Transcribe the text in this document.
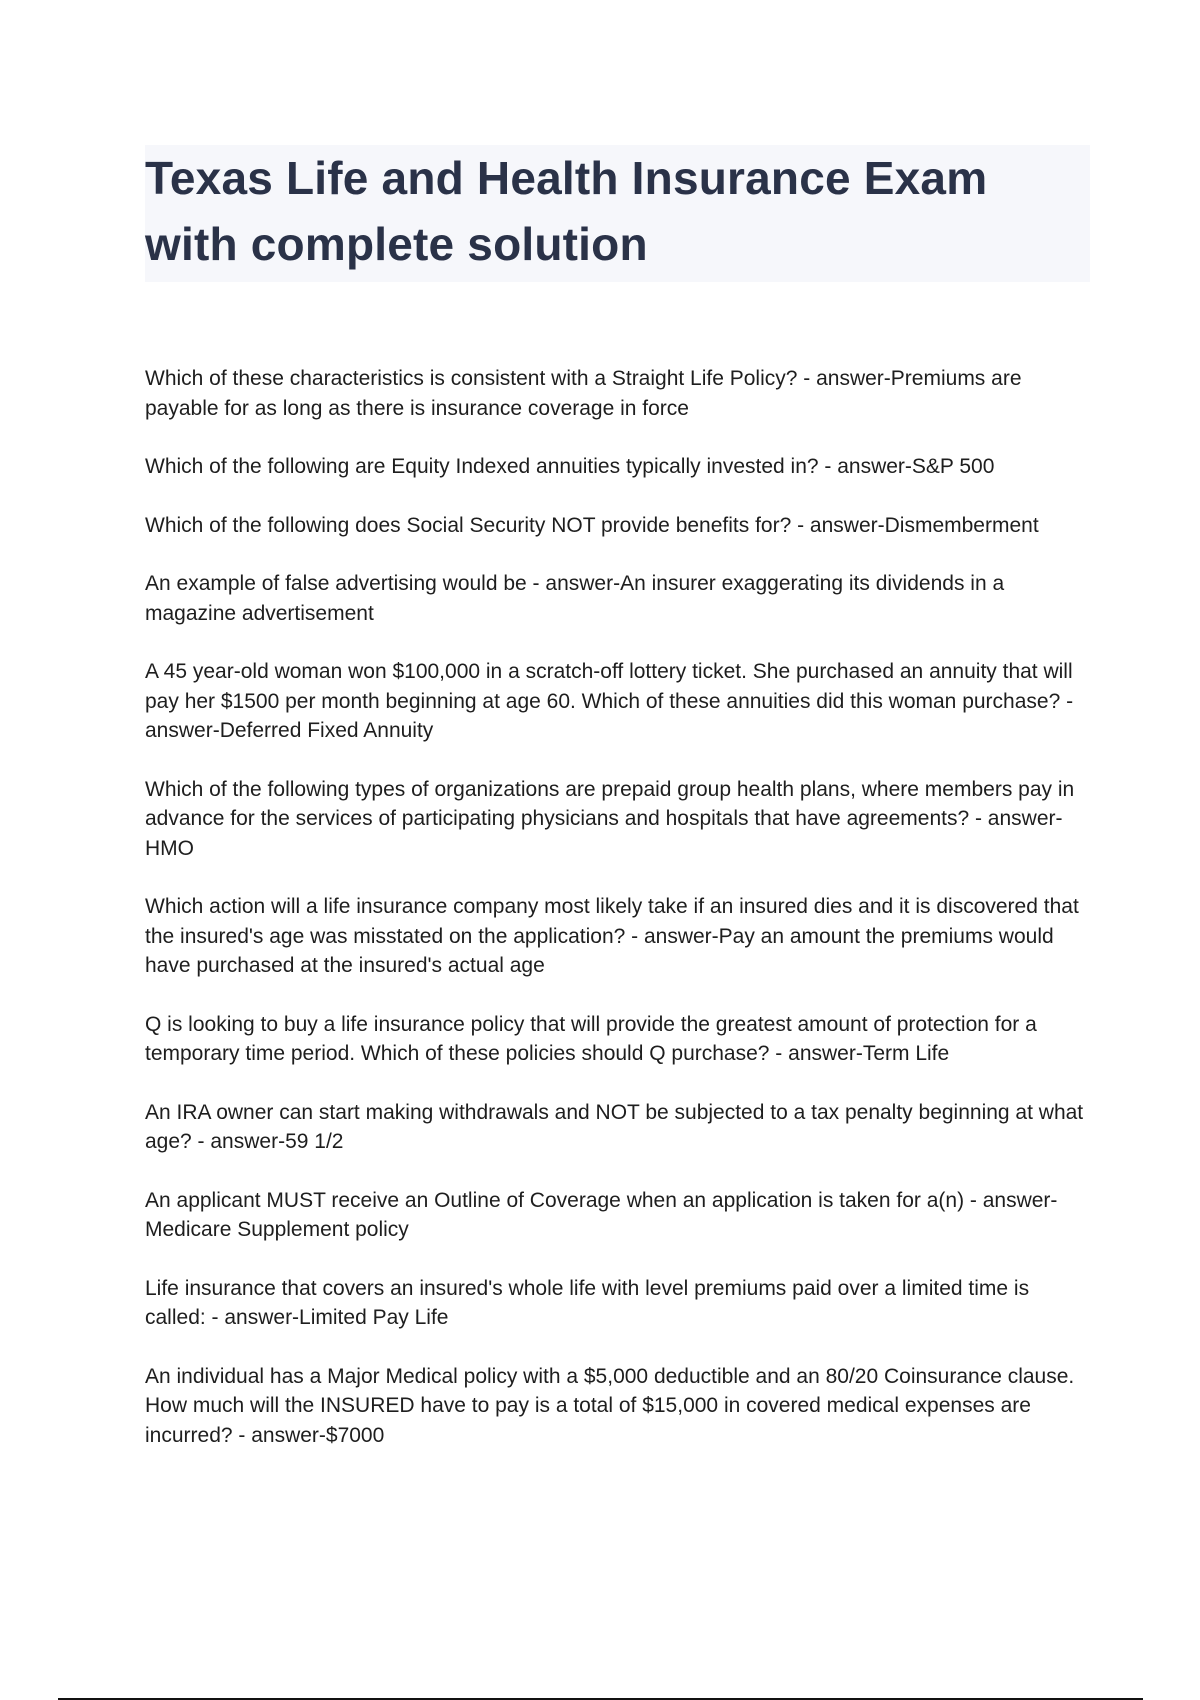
Texas Life and Health Insurance Exam
with complete solution
Which of these characteristics is consistent with a Straight Life Policy? - answer-Premiums are payable for as long as there is insurance coverage in force
Which of the following are Equity Indexed annuities typically invested in? - answer-S&P 500
Which of the following does Social Security NOT provide benefits for? - answer-Dismemberment
An example of false advertising would be - answer-An insurer exaggerating its dividends in a magazine advertisement
A 45 year-old woman won $100,000 in a scratch-off lottery ticket. She purchased an annuity that will pay her $1500 per month beginning at age 60. Which of these annuities did this woman purchase? - answer-Deferred Fixed Annuity
Which of the following types of organizations are prepaid group health plans, where members pay in advance for the services of participating physicians and hospitals that have agreements? - answer-HMO
Which action will a life insurance company most likely take if an insured dies and it is discovered that the insured's age was misstated on the application? - answer-Pay an amount the premiums would have purchased at the insured's actual age
Q is looking to buy a life insurance policy that will provide the greatest amount of protection for a temporary time period. Which of these policies should Q purchase? - answer-Term Life
An IRA owner can start making withdrawals and NOT be subjected to a tax penalty beginning at what age? - answer-59 1/2
An applicant MUST receive an Outline of Coverage when an application is taken for a(n) - answer-Medicare Supplement policy
Life insurance that covers an insured's whole life with level premiums paid over a limited time is called: - answer-Limited Pay Life
An individual has a Major Medical policy with a $5,000 deductible and an 80/20 Coinsurance clause. How much will the INSURED have to pay is a total of $15,000 in covered medical expenses are incurred? - answer-$7000
